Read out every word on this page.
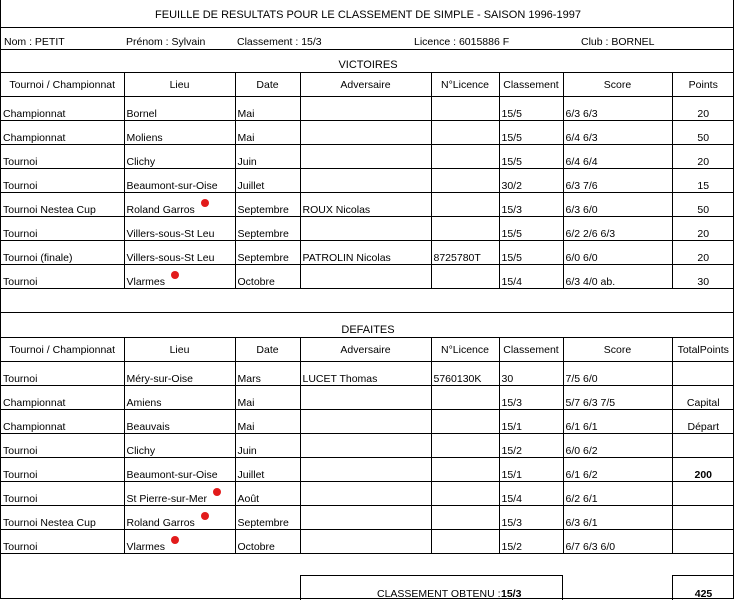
FEUILLE DE RESULTATS POUR LE CLASSEMENT DE SIMPLE - SAISON 1996-1997
Nom : PETIT	Prénom : Sylvain	Classement : 15/3	Licence : 6015886 F	Club : BORNEL
VICTOIRES
Tournoi / Championnat	Lieu	Date	Adversaire	N°Licence	Classement	Score	Points
Championnat	Bornel	Mai			15/5	6/3 6/3	20
Championnat	Moliens	Mai			15/5	6/4 6/3	50
Tournoi	Clichy	Juin			15/5	6/4 6/4	20
Tournoi	Beaumont-sur-Oise	Juillet			30/2	6/3 7/6	15
Tournoi Nestea Cup	Roland Garros	Septembre	ROUX Nicolas		15/3	6/3 6/0	50
Tournoi	Villers-sous-St Leu	Septembre			15/5	6/2 2/6 6/3	20
Tournoi (finale)	Villers-sous-St Leu	Septembre	PATROLIN Nicolas	8725780T	15/5	6/0 6/0	20
Tournoi	Vlarmes	Octobre			15/4	6/3 4/0 ab.	30

DEFAITES
Tournoi / Championnat	Lieu	Date	Adversaire	N°Licence	Classement	Score	TotalPoints
Tournoi	Méry-sur-Oise	Mars	LUCET Thomas	5760130K	30	7/5 6/0	
Championnat	Amiens	Mai			15/3	5/7 6/3 7/5	Capital
Championnat	Beauvais	Mai			15/1	6/1 6/1	Départ
Tournoi	Clichy	Juin			15/2	6/0 6/2	
Tournoi	Beaumont-sur-Oise	Juillet			15/1	6/1 6/2	200
Tournoi	St Pierre-sur-Mer	Août			15/4	6/2 6/1	
Tournoi Nestea Cup	Roland Garros	Septembre			15/3	6/3 6/1	
Tournoi	Vlarmes	Octobre			15/2	6/7 6/3 6/0	
CLASSEMENT OBTENU : 15/3	425
